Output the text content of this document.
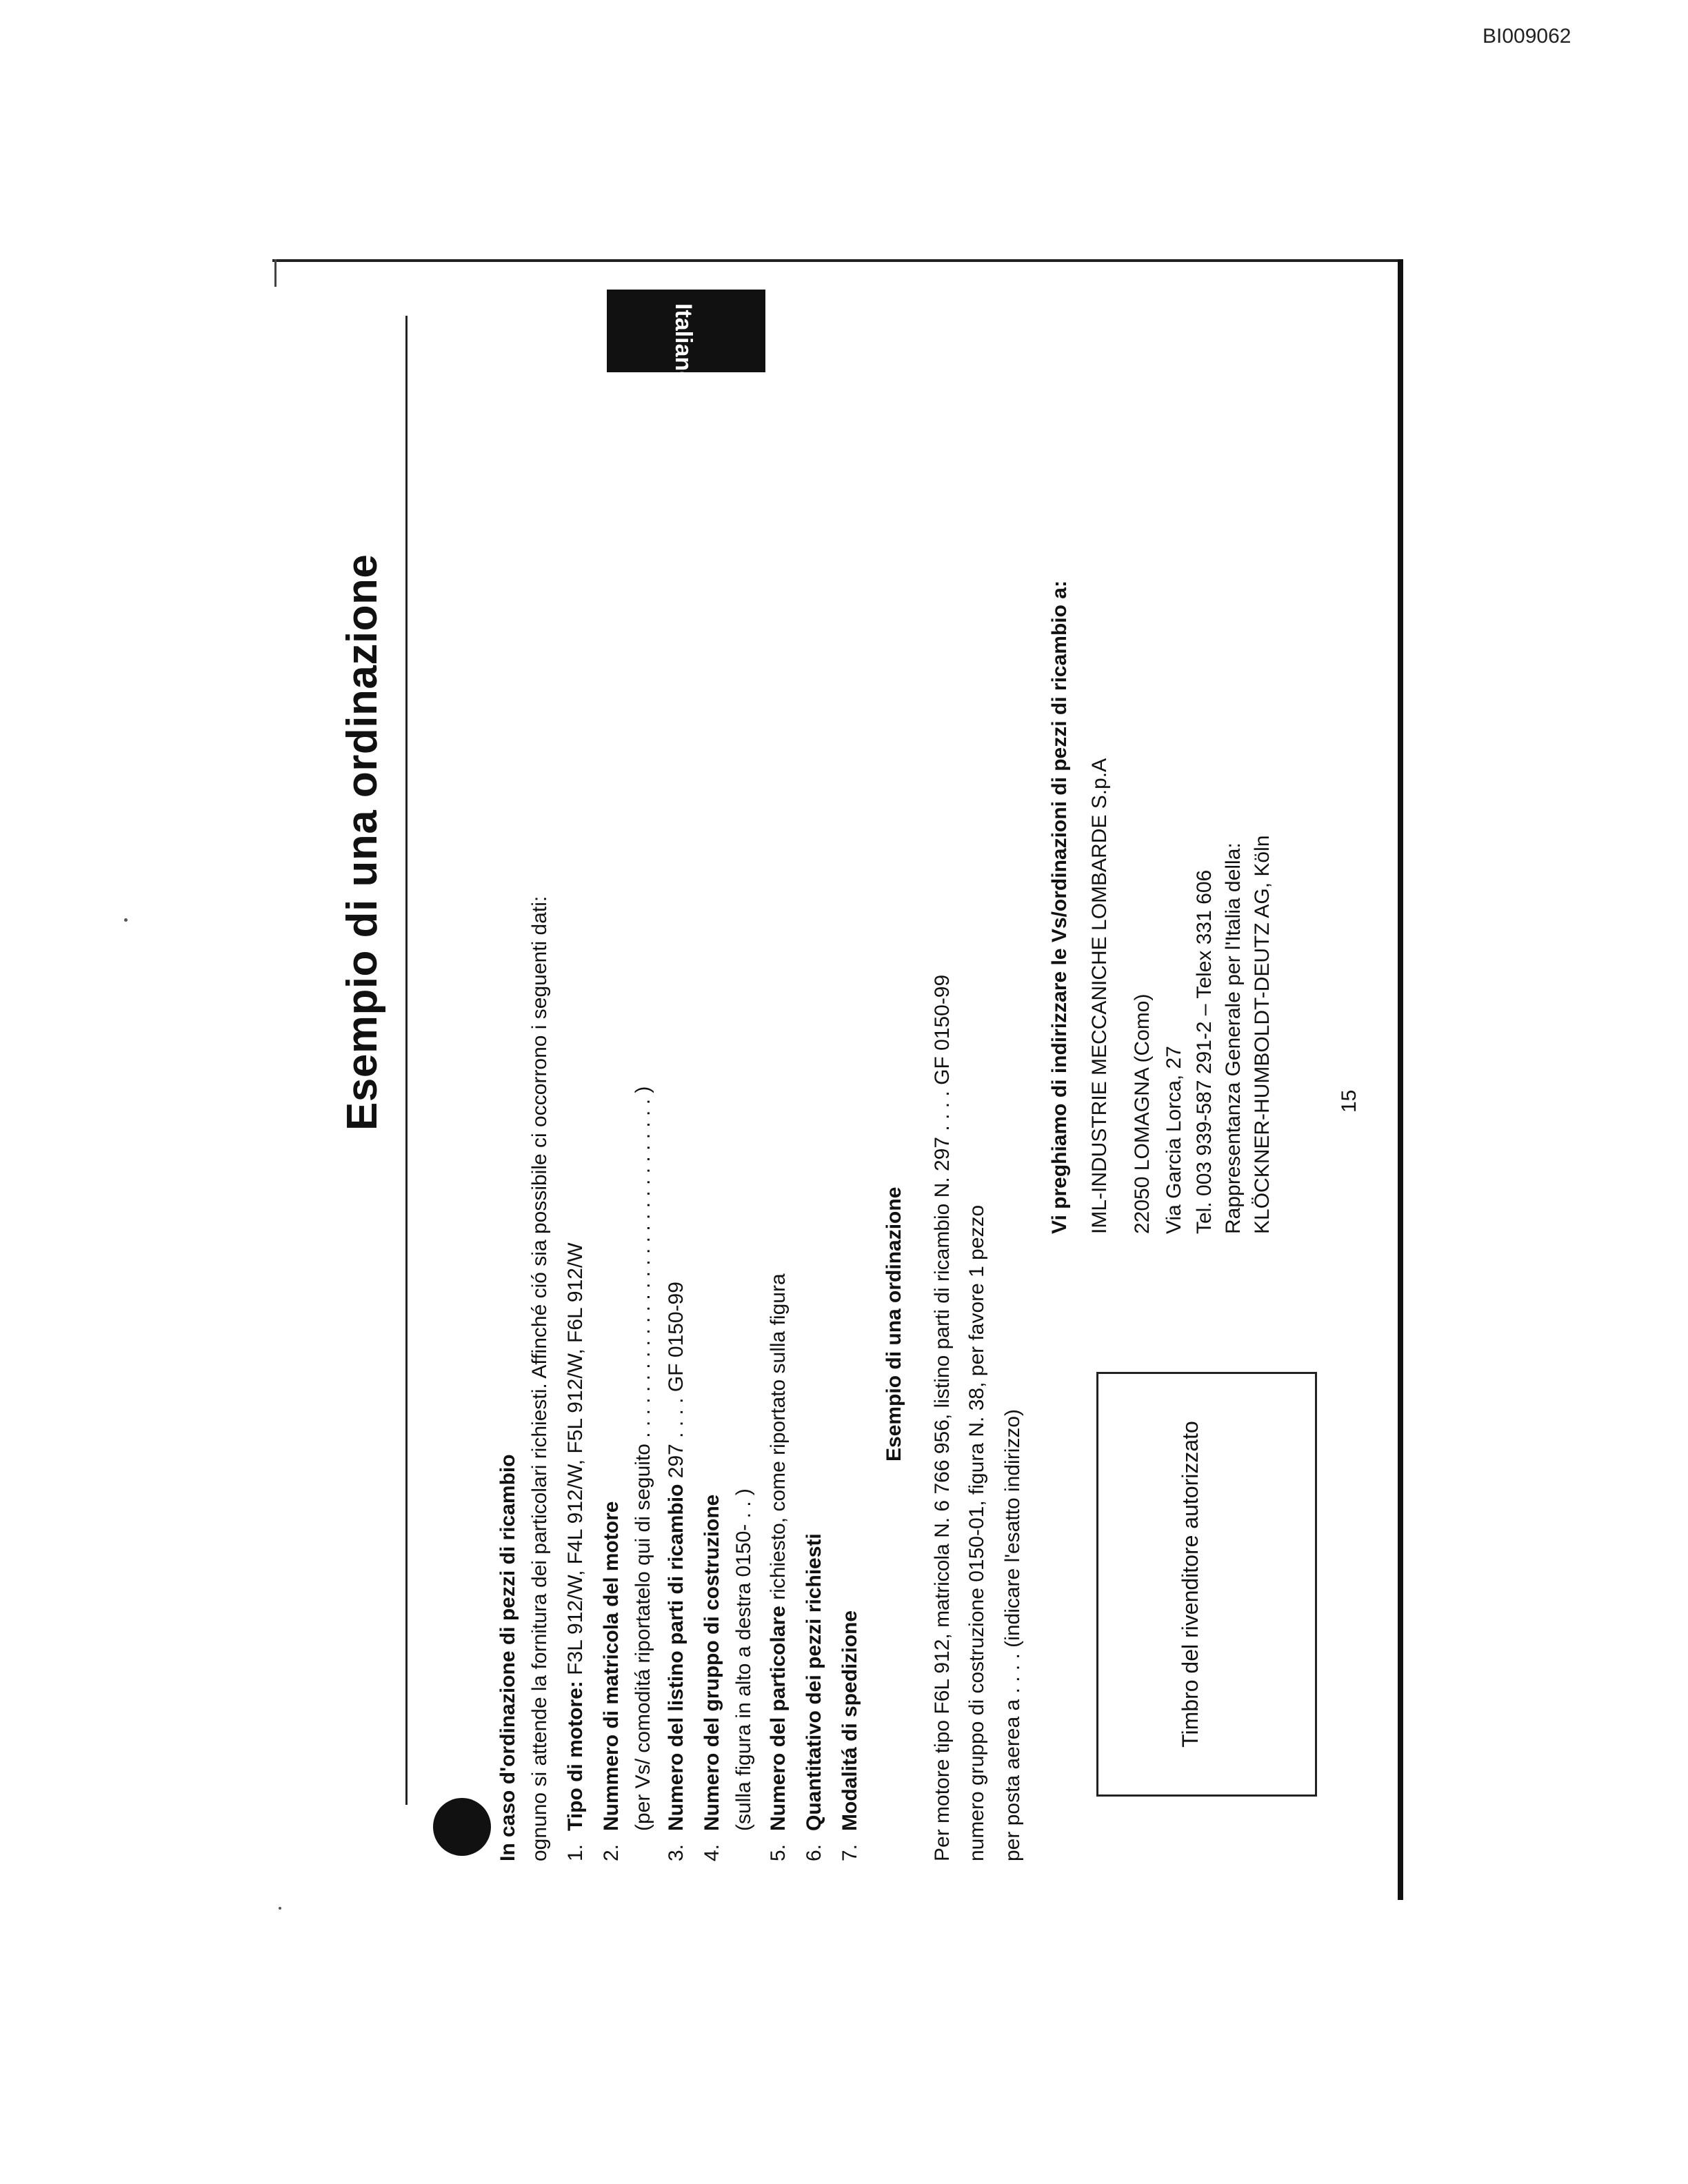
BI009062
Esempio di una ordinazione
Italiano
In caso d'ordinazione di pezzi di ricambio ognuno si attende la fornitura dei particolari richiesti. Affinché ció sia possibile ci occorrono i seguenti dati: 1.Tipo di motore: F3L 912/W, F4L 912/W, F5L 912/W, F6L 912/W
2.Nummero di matricola del motore (per Vs/ comoditá riportatelo qui di seguito . . . . . . . . . . . . . . . . . . . . . . . . . . . . . . )
3.Numero del listino parti di ricambio 297 . . . . GF 0150-99
4.Numero del gruppo di costruzione (sulla figura in alto a destra 0150- . . )
5.Numero del particolare richiesto, come riportato sulla figura
6.Quantitativo dei pezzi richiesti
7.Modalitá di spedizione
Esempio di una ordinazione Per motore tipo F6L 912, matricola N. 6 766 956, listino parti di ricambio N. 297 . . . . GF 0150-99 numero gruppo di costruzione 0150-01, figura N. 38, per favore 1 pezzo per posta aerea a . . . . (indicare l'esatto indirizzo)	Timbro del rivenditore autorizzato
Vi preghiamo di indirizzare le Vs/ordinazioni di pezzi di ricambio a: IML-INDUSTRIE MECCANICHE LOMBARDE S.p.A 22050 LOMAGNA (Como) Via Garcia Lorca, 27 Tel. 003 939-587 291-2 – Telex 331 606 Rappresentanza Generale per l'Italia della: KLÖCKNER-HUMBOLDT-DEUTZ AG, Köln	15
